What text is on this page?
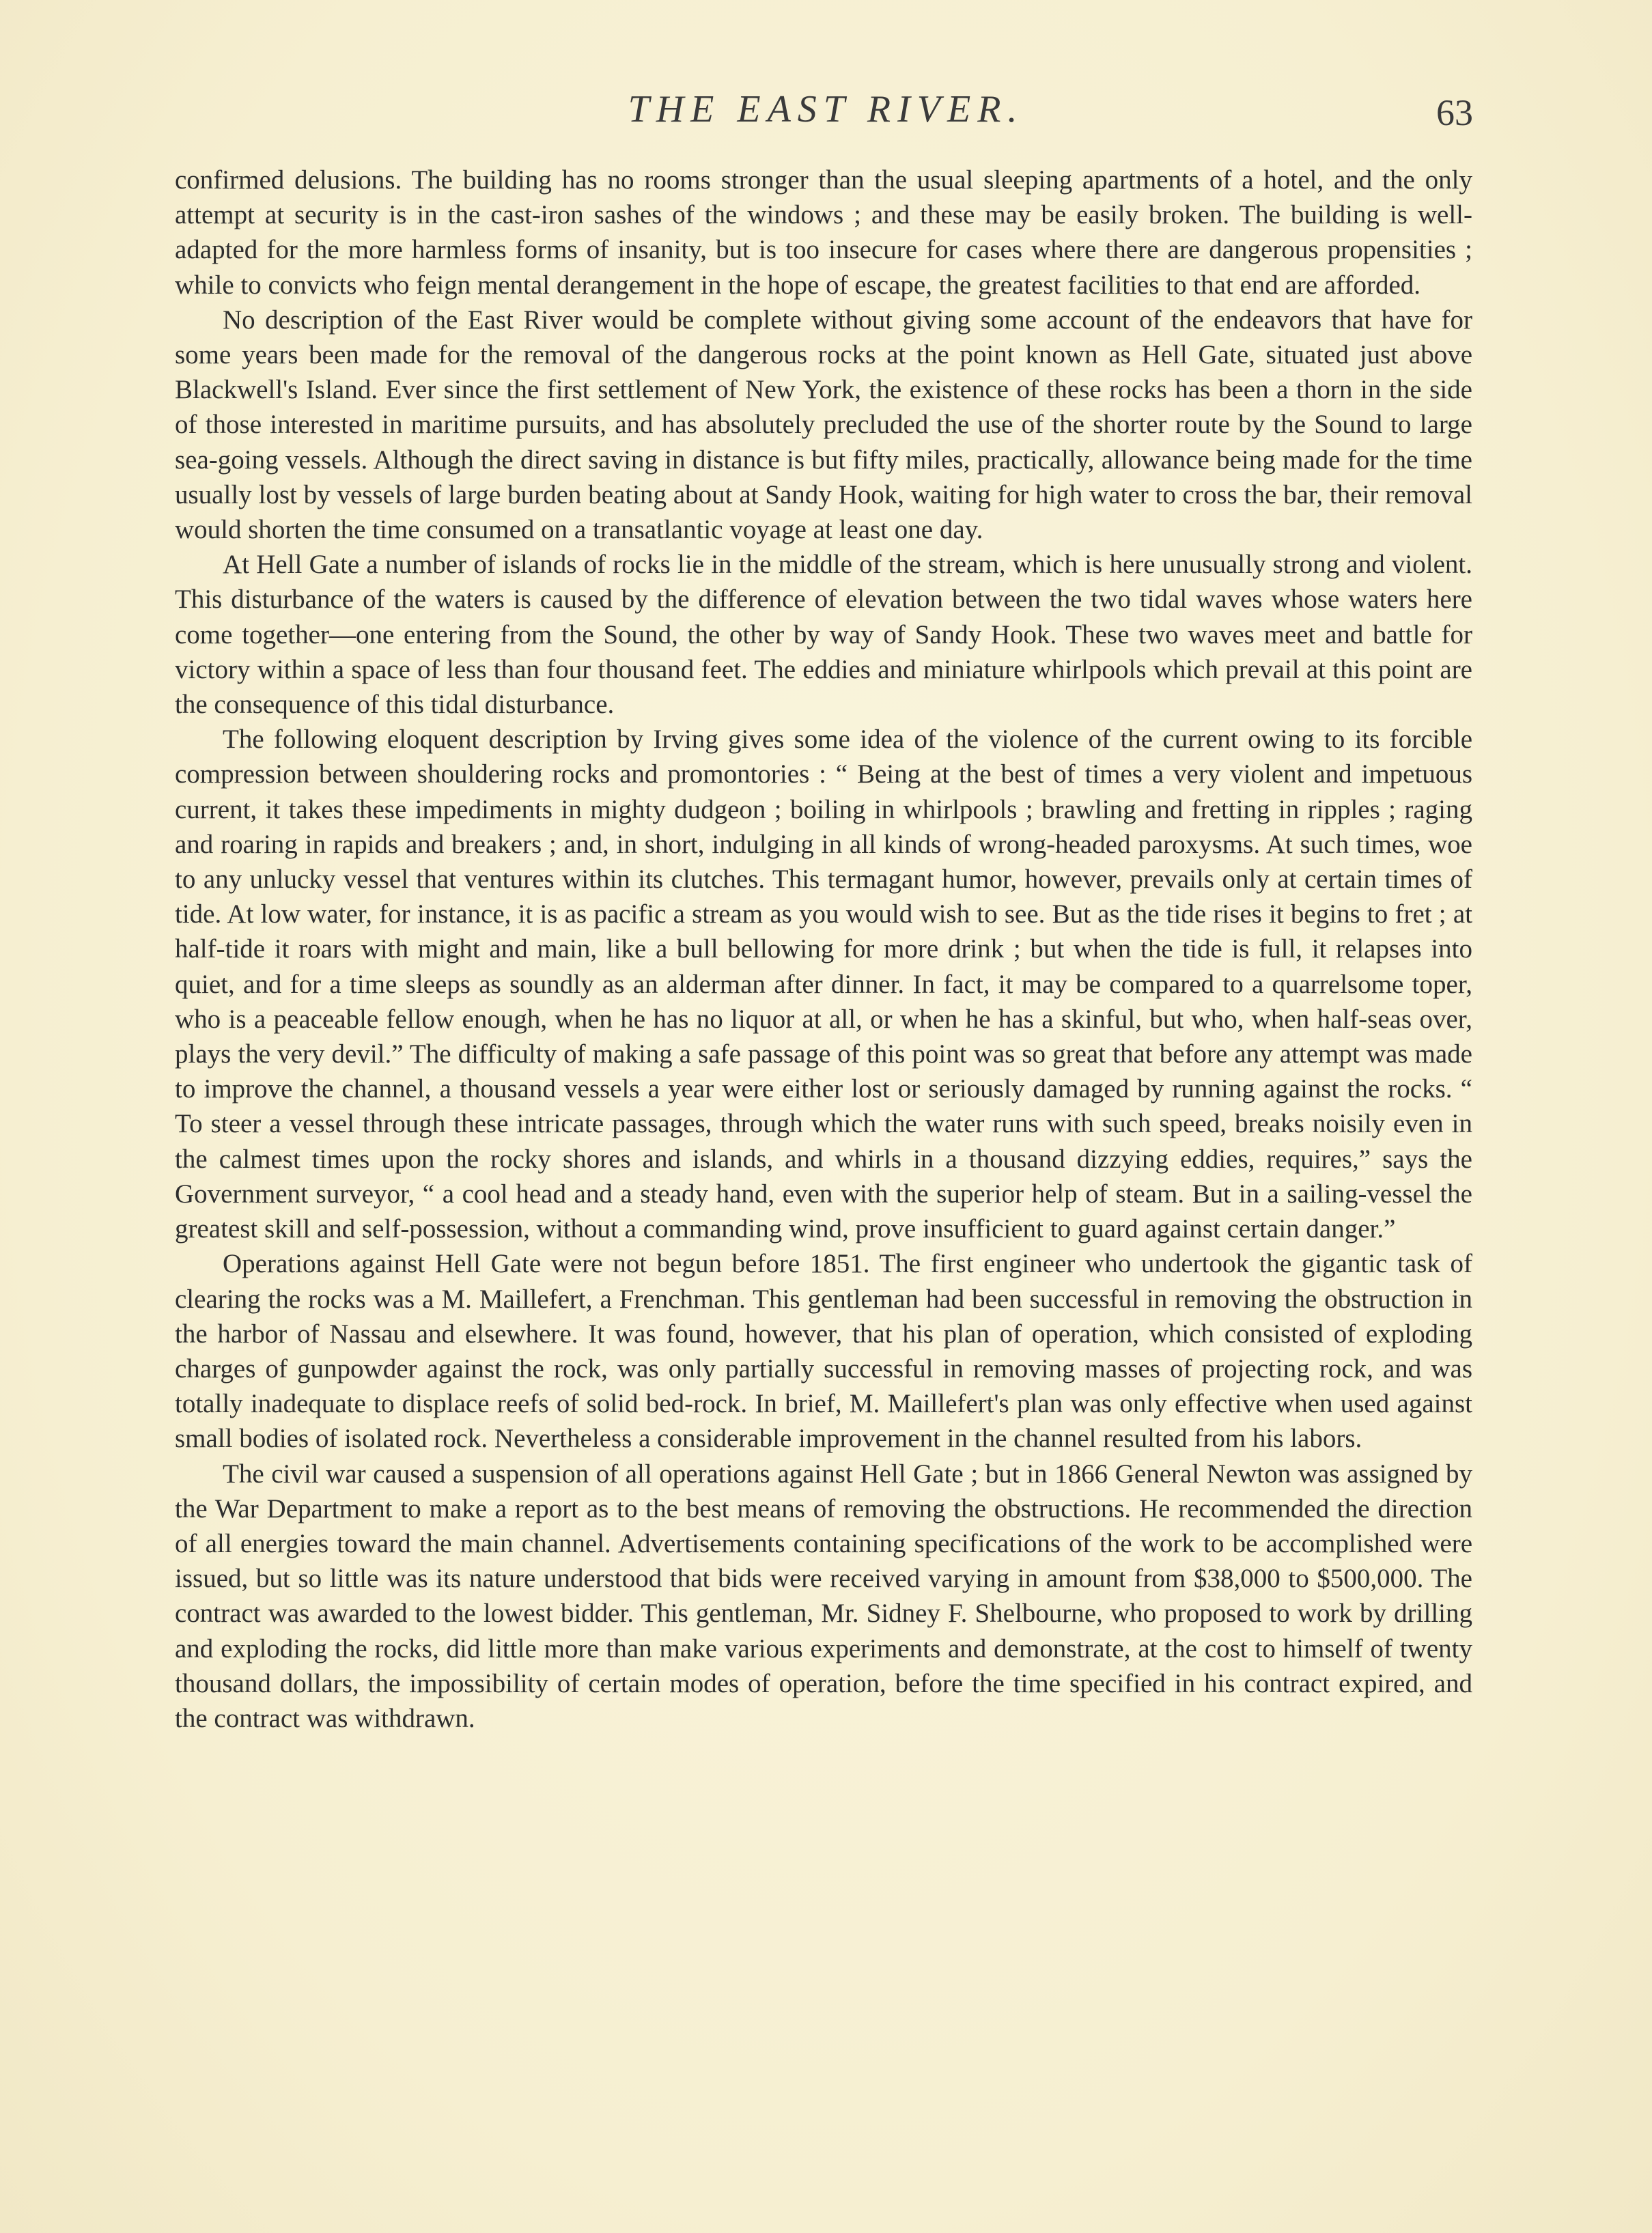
THE EAST RIVER.	63

confirmed delusions. The building has no rooms stronger than the usual sleeping apartments of a hotel, and the only attempt at security is in the cast-iron sashes of the windows ; and these may be easily broken. The building is well-adapted for the more harmless forms of insanity, but is too insecure for cases where there are dangerous propensities ; while to convicts who feign mental derangement in the hope of escape, the greatest facilities to that end are afforded.

No description of the East River would be complete without giving some account of the endeavors that have for some years been made for the removal of the dangerous rocks at the point known as Hell Gate, situated just above Blackwell's Island. Ever since the first settlement of New York, the existence of these rocks has been a thorn in the side of those interested in maritime pursuits, and has absolutely precluded the use of the shorter route by the Sound to large sea-going vessels. Although the direct saving in distance is but fifty miles, practically, allowance being made for the time usually lost by vessels of large burden beating about at Sandy Hook, waiting for high water to cross the bar, their removal would shorten the time consumed on a transatlantic voyage at least one day.

At Hell Gate a number of islands of rocks lie in the middle of the stream, which is here unusually strong and violent. This disturbance of the waters is caused by the difference of elevation between the two tidal waves whose waters here come together—one entering from the Sound, the other by way of Sandy Hook. These two waves meet and battle for victory within a space of less than four thousand feet. The eddies and miniature whirlpools which prevail at this point are the consequence of this tidal disturbance.

The following eloquent description by Irving gives some idea of the violence of the current owing to its forcible compression between shouldering rocks and promontories : “ Being at the best of times a very violent and impetuous current, it takes these impediments in mighty dudgeon ; boiling in whirlpools ; brawling and fretting in ripples ; raging and roaring in rapids and breakers ; and, in short, indulging in all kinds of wrong-headed paroxysms. At such times, woe to any unlucky vessel that ventures within its clutches. This termagant humor, however, prevails only at certain times of tide. At low water, for instance, it is as pacific a stream as you would wish to see. But as the tide rises it begins to fret ; at half-tide it roars with might and main, like a bull bellowing for more drink ; but when the tide is full, it relapses into quiet, and for a time sleeps as soundly as an alderman after dinner. In fact, it may be compared to a quarrelsome toper, who is a peaceable fellow enough, when he has no liquor at all, or when he has a skinful, but who, when half-seas over, plays the very devil.” The difficulty of making a safe passage of this point was so great that before any attempt was made to improve the channel, a thousand vessels a year were either lost or seriously damaged by running against the rocks. “ To steer a vessel through these intricate passages, through which the water runs with such speed, breaks noisily even in the calmest times upon the rocky shores and islands, and whirls in a thousand dizzying eddies, requires,” says the Government surveyor, “ a cool head and a steady hand, even with the superior help of steam. But in a sailing-vessel the greatest skill and self-possession, without a commanding wind, prove insufficient to guard against certain danger.”

Operations against Hell Gate were not begun before 1851. The first engineer who undertook the gigantic task of clearing the rocks was a M. Maillefert, a Frenchman. This gentleman had been successful in removing the obstruction in the harbor of Nassau and elsewhere. It was found, however, that his plan of operation, which consisted of exploding charges of gunpowder against the rock, was only partially successful in removing masses of projecting rock, and was totally inadequate to displace reefs of solid bed-rock. In brief, M. Maillefert's plan was only effective when used against small bodies of isolated rock. Nevertheless a considerable improvement in the channel resulted from his labors.

The civil war caused a suspension of all operations against Hell Gate ; but in 1866 General Newton was assigned by the War Department to make a report as to the best means of removing the obstructions. He recommended the direction of all energies toward the main channel. Advertisements containing specifications of the work to be accomplished were issued, but so little was its nature understood that bids were received varying in amount from $38,000 to $500,000. The contract was awarded to the lowest bidder. This gentleman, Mr. Sidney F. Shelbourne, who proposed to work by drilling and exploding the rocks, did little more than make various experiments and demonstrate, at the cost to himself of twenty thousand dollars, the impossibility of certain modes of operation, before the time specified in his contract expired, and the contract was withdrawn.
